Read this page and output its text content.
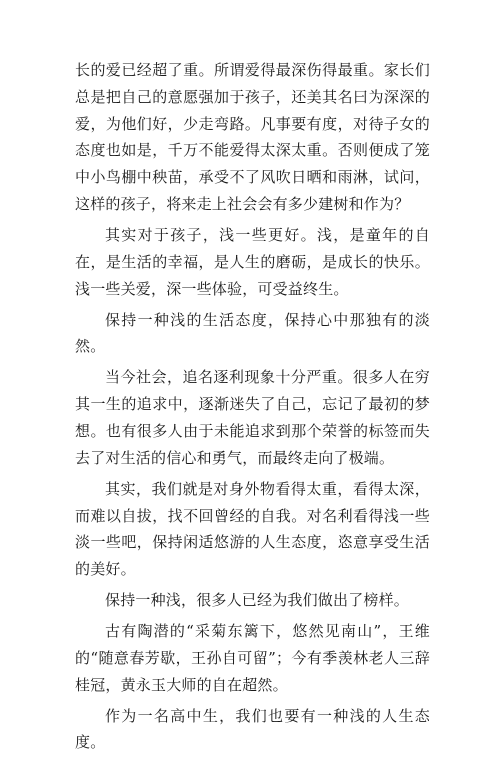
长的爱已经超了重。所谓爱得最深伤得最重。家长们总是把自己的意愿强加于孩子，还美其名曰为深深的爱，为他们好，少走弯路。凡事要有度，对待子女的态度也如是，千万不能爱得太深太重。否则便成了笼中小鸟棚中秧苗，承受不了风吹日晒和雨淋，试问，这样的孩子，将来走上社会会有多少建树和作为？

其实对于孩子，浅一些更好。浅，是童年的自在，是生活的幸福，是人生的磨砺，是成长的快乐。浅一些关爱，深一些体验，可受益终生。

保持一种浅的生活态度，保持心中那独有的淡然。

当今社会，追名逐利现象十分严重。很多人在穷其一生的追求中，逐渐迷失了自己，忘记了最初的梦想。也有很多人由于未能追求到那个荣誉的标签而失去了对生活的信心和勇气，而最终走向了极端。

其实，我们就是对身外物看得太重，看得太深，而难以自拔，找不回曾经的自我。对名利看得浅一些淡一些吧，保持闲适悠游的人生态度，恣意享受生活的美好。

保持一种浅，很多人已经为我们做出了榜样。

古有陶潜的“采菊东篱下，悠然见南山”，王维的“随意春芳歇，王孙自可留”；今有季羡林老人三辞桂冠，黄永玉大师的自在超然。

作为一名高中生，我们也要有一种浅的人生态度。
